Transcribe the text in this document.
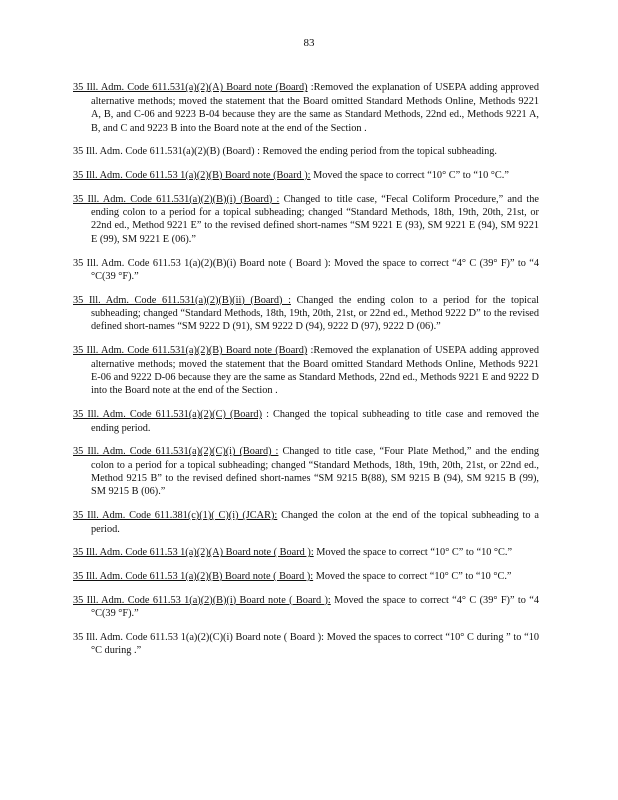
83

35 Ill. Adm. Code 611.531(a)(2)(A) Board note (Board) :Removed the explanation of USEPA adding approved alternative methods; moved the statement that the Board omitted Standard Methods Online, Methods 9221 A, B, and C-06 and 9223 B-04 because they are the same as Standard Methods, 22nd ed., Methods 9221 A, B, and C and 9223 B into the Board note at the end of the Section .

35 Ill. Adm. Code 611.531(a)(2)(B) (Board) : Removed the ending period from the topical subheading.

35 Ill. Adm. Code 611.53 1(a)(2)(B) Board note (Board ): Moved the space to correct “10° C” to “10 °C.”

35 Ill. Adm. Code 611.531(a)(2)(B)(i) (Board) : Changed to title case, “Fecal Coliform Procedure,” and the ending colon to a period for a topical subheading; changed “Standard Methods, 18th, 19th, 20th, 21st, or 22nd ed., Method 9221 E” to the revised defined short-names “SM 9221 E (93), SM 9221 E (94), SM 9221 E (99), SM 9221 E (06).”

35 Ill. Adm. Code 611.53 1(a)(2)(B)(i) Board note ( Board ): Moved the space to correct “4° C (39° F)” to “4 °C(39 °F).”

35 Ill. Adm. Code 611.531(a)(2)(B)(ii) (Board) : Changed the ending colon to a period for the topical subheading; changed “Standard Methods, 18th, 19th, 20th, 21st, or 22nd ed., Method 9222 D” to the revised defined short-names “SM 9222 D (91), SM 9222 D (94), 9222 D (97), 9222 D (06).”

35 Ill. Adm. Code 611.531(a)(2)(B) Board note (Board) :Removed the explanation of USEPA adding approved alternative methods; moved the statement that the Board omitted Standard Methods Online, Methods 9221 E-06 and 9222 D-06 because they are the same as Standard Methods, 22nd ed., Methods 9221 E and 9222 D into the Board note at the end of the Section .

35 Ill. Adm. Code 611.531(a)(2)(C) (Board) : Changed the topical subheading to title case and removed the ending period.

35 Ill. Adm. Code 611.531(a)(2)(C)(i) (Board) : Changed to title case, “Four Plate Method,” and the ending colon to a period for a topical subheading; changed “Standard Methods, 18th, 19th, 20th, 21st, or 22nd ed., Method 9215 B” to the revised defined short-names “SM 9215 B(88), SM 9215 B (94), SM 9215 B (99), SM 9215 B (06).”

35 Ill. Adm. Code 611.381(c)(1)( C)(i) (JCAR): Changed the colon at the end of the topical subheading to a period.

35 Ill. Adm. Code 611.53 1(a)(2)(A) Board note ( Board ): Moved the space to correct “10° C” to “10 °C.”

35 Ill. Adm. Code 611.53 1(a)(2)(B) Board note ( Board ): Moved the space to correct “10° C” to “10 °C.”

35 Ill. Adm. Code 611.53 1(a)(2)(B)(i) Board note ( Board ): Moved the space to correct “4° C (39° F)” to “4 °C(39 °F).”

35 Ill. Adm. Code 611.53 1(a)(2)(C)(i) Board note ( Board ): Moved the spaces to correct “10° C during ” to “10 °C during .”
